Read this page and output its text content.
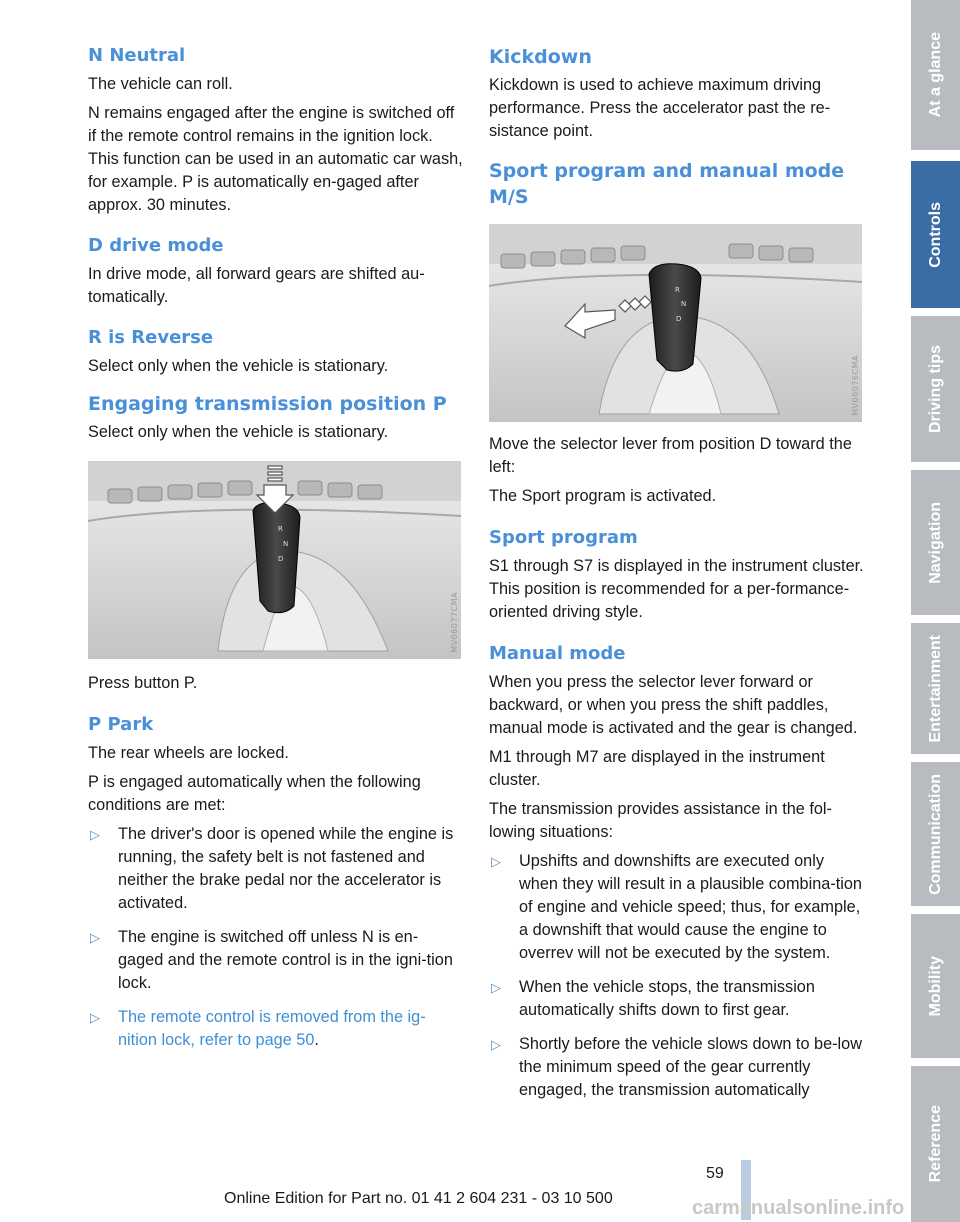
N Neutral

The vehicle can roll.

N remains engaged after the engine is switched off if the remote control remains in the ignition lock. This function can be used in an automatic car wash, for example. P is automatically en-gaged after approx. 30 minutes.

D drive mode

In drive mode, all forward gears are shifted au-tomatically.

R is Reverse

Select only when the vehicle is stationary.

Engaging transmission position P

Select only when the vehicle is stationary.

R
N
D
MV06077CMA

Press button P.

P Park

The rear wheels are locked.

P is engaged automatically when the following conditions are met:

▷ The driver's door is opened while the engine is running, the safety belt is not fastened and neither the brake pedal nor the accelerator is activated.
▷ The engine is switched off unless N is en-gaged and the remote control is in the igni-tion lock.
▷ The remote control is removed from the ig-nition lock, refer to page 50.
Kickdown

Kickdown is used to achieve maximum driving performance. Press the accelerator past the re-sistance point.

Sport program and manual mode M/S
R
N
D
MV06076CMA

Move the selector lever from position D toward the left:

The Sport program is activated.

Sport program

S1 through S7 is displayed in the instrument cluster. This position is recommended for a per-formance-oriented driving style.

Manual mode

When you press the selector lever forward or backward, or when you press the shift paddles, manual mode is activated and the gear is changed.

M1 through M7 are displayed in the instrument cluster.

The transmission provides assistance in the fol-lowing situations:

▷ Upshifts and downshifts are executed only when they will result in a plausible combina-tion of engine and vehicle speed; thus, for example, a downshift that would cause the engine to overrev will not be executed by the system.
▷ When the vehicle stops, the transmission automatically shifts down to first gear.
▷ Shortly before the vehicle slows down to be-low the minimum speed of the gear currently engaged, the transmission automatically
At a glance
Controls
Driving tips
Navigation
Entertainment
Communication
Mobility
Reference
59
Online Edition for Part no. 01 41 2 604 231 - 03 10 500	carmanualsonline.info
